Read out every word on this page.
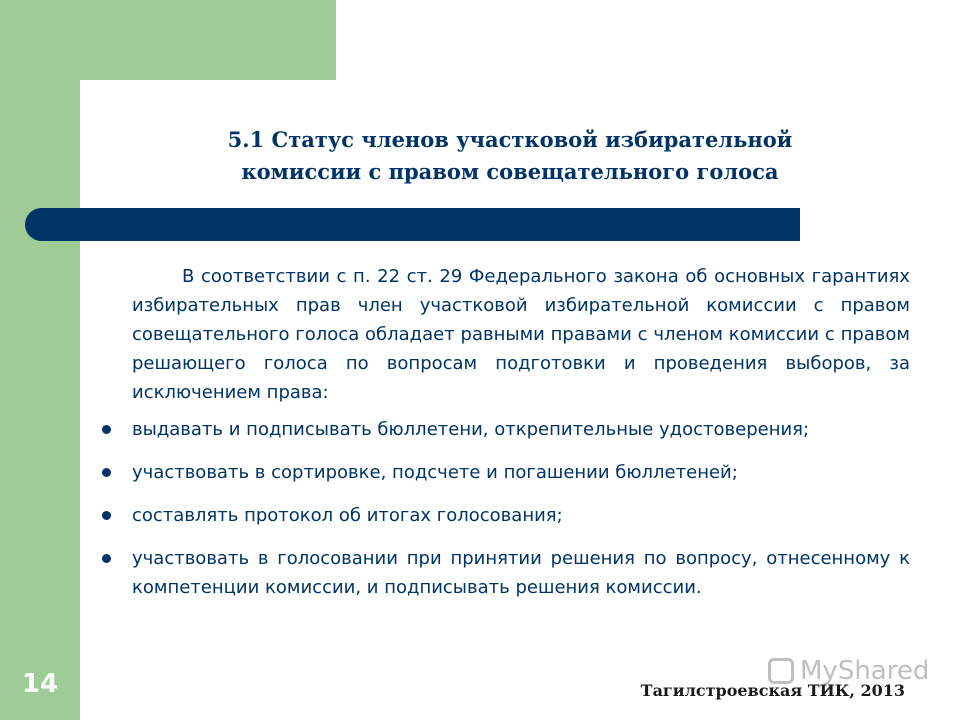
5.1 Статус членов участковой избирательной
комиссии с правом совещательного голоса

В соответствии с п. 22 ст. 29 Федерального закона об основных гарантиях избирательных прав член участковой избирательной комиссии с правом совещательного голоса обладает равными правами с членом комиссии с правом решающего голоса по вопросам подготовки и проведения выборов, за исключением права:

выдавать и подписывать бюллетени, открепительные удостоверения;
участвовать в сортировке, подсчете и погашении бюллетеней;
составлять протокол об итогах голосования;
участвовать в голосовании при принятии решения по вопросу, отнесенному к компетенции комиссии, и подписывать решения комиссии.
MyShared
14	Тагилстроевская ТИК, 2013
